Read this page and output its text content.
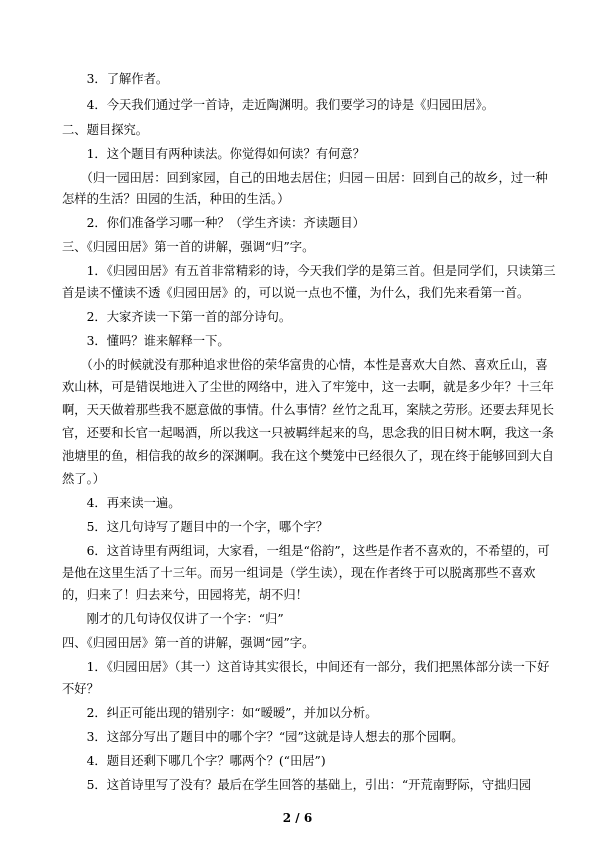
　　3．了解作者。
　　4．今天我们通过学一首诗，走近陶渊明。我们要学习的诗是《归园田居》。
二、题目探究。
　　1．这个题目有两种读法。你觉得如何读？有何意？
　　（归一园田居：回到家园，自己的田地去居住；归园－田居：回到自己的故乡，过一种
怎样的生活？田园的生活，种田的生活。）
　　2．你们准备学习哪一种？（学生齐读：齐读题目）
三、《归园田居》第一首的讲解，强调“归”字。
　　1．《归园田居》有五首非常精彩的诗，今天我们学的是第三首。但是同学们，只读第三
首是读不懂读不透《归园田居》的，可以说一点也不懂，为什么，我们先来看第一首。
　　2．大家齐读一下第一首的部分诗句。
　　3．懂吗？谁来解释一下。
　　（小的时候就没有那种追求世俗的荣华富贵的心情，本性是喜欢大自然、喜欢丘山，喜
欢山林，可是错误地进入了尘世的网络中，进入了牢笼中，这一去啊，就是多少年？十三年
啊，天天做着那些我不愿意做的事情。什么事情？丝竹之乱耳，案牍之劳形。还要去拜见长
官，还要和长官一起喝酒，所以我这一只被羁绊起来的鸟，思念我的旧日树木啊，我这一条
池塘里的鱼，相信我的故乡的深渊啊。我在这个樊笼中已经很久了，现在终于能够回到大自
然了。）
　　4．再来读一遍。
　　5．这几句诗写了题目中的一个字，哪个字？
　　6．这首诗里有两组词，大家看，一组是“俗韵”，这些是作者不喜欢的，不希望的，可
是他在这里生活了十三年。而另一组词是（学生读），现在作者终于可以脱离那些不喜欢
的，归来了！归去来兮，田园将芜，胡不归！
　　刚才的几句诗仅仅讲了一个字：“归”
四、《归园田居》第一首的讲解，强调“园”字。
　　1．《归园田居》（其一）这首诗其实很长，中间还有一部分，我们把黑体部分读一下好
不好？
　　2．纠正可能出现的错别字：如“暧暧”，并加以分析。
　　3．这部分写出了题目中的哪个字？“园”这就是诗人想去的那个园啊。
　　4．题目还剩下哪几个字？哪两个？(“田居”)
　　5．这首诗里写了没有？最后在学生回答的基础上，引出：“开荒南野际，守拙归园
2 / 6
